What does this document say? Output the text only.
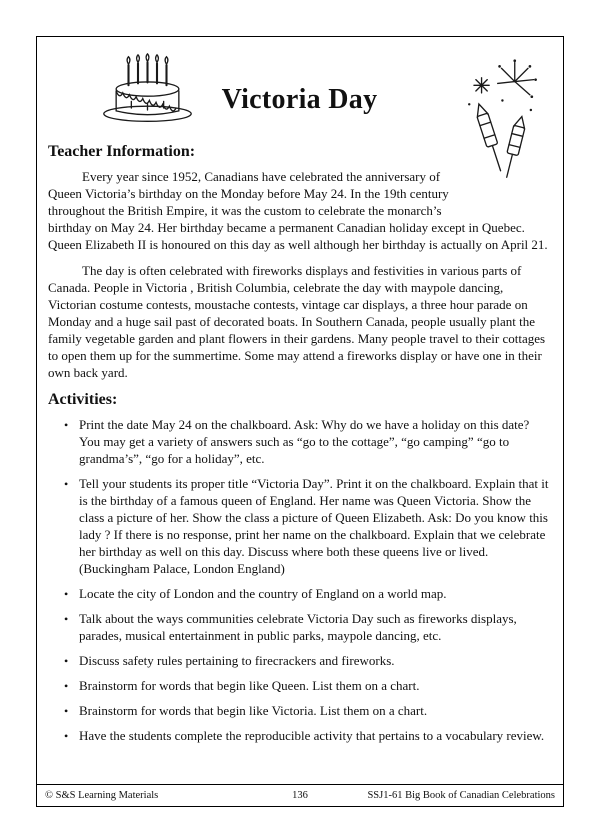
Victoria Day
Teacher Information:

Every year since 1952, Canadians have celebrated the anniversary of Queen Victoria’s birthday on the Monday before May 24. In the 19th century throughout the British Empire, it was the custom to celebrate the monarch’s birthday on May 24. Her birthday became a permanent Canadian holiday except in Quebec. Queen Elizabeth II is honoured on this day as well although her birthday is actually on April 21.

The day is often celebrated with fireworks displays and festivities in various parts of Canada. People in Victoria , British Columbia, celebrate the day with maypole dancing, Victorian costume contests, moustache contests, vintage car displays, a three hour parade on Monday and a huge sail past of decorated boats. In Southern Canada, people usually plant the family vegetable garden and plant flowers in their gardens. Many people travel to their cottages to open them up for the summertime. Some may attend a fireworks display or have one in their own back yard.

Activities:
• Print the date May 24 on the chalkboard. Ask: Why do we have a holiday on this date? You may get a variety of answers such as “go to the cottage”, “go camping” “go to grandma’s”, “go for a holiday”, etc.
• Tell your students its proper title “Victoria Day”. Print it on the chalkboard. Explain that it is the birthday of a famous queen of England. Her name was Queen Victoria. Show the class a picture of her. Show the class a picture of Queen Elizabeth. Ask: Do you know this lady ? If there is no response, print her name on the chalkboard. Explain that we celebrate her birthday as well on this day. Discuss where both these queens live or lived. (Buckingham Palace, London England)
• Locate the city of London and the country of England on a world map.
• Talk about the ways communities celebrate Victoria Day such as fireworks displays, parades, musical entertainment in public parks, maypole dancing, etc.
• Discuss safety rules pertaining to firecrackers and fireworks.
• Brainstorm for words that begin like Queen. List them on a chart.
• Brainstorm for words that begin like Victoria. List them on a chart.
• Have the students complete the reproducible activity that pertains to a vocabulary review.
136
© S&S Learning Materials	SSJ1-61 Big Book of Canadian Celebrations
